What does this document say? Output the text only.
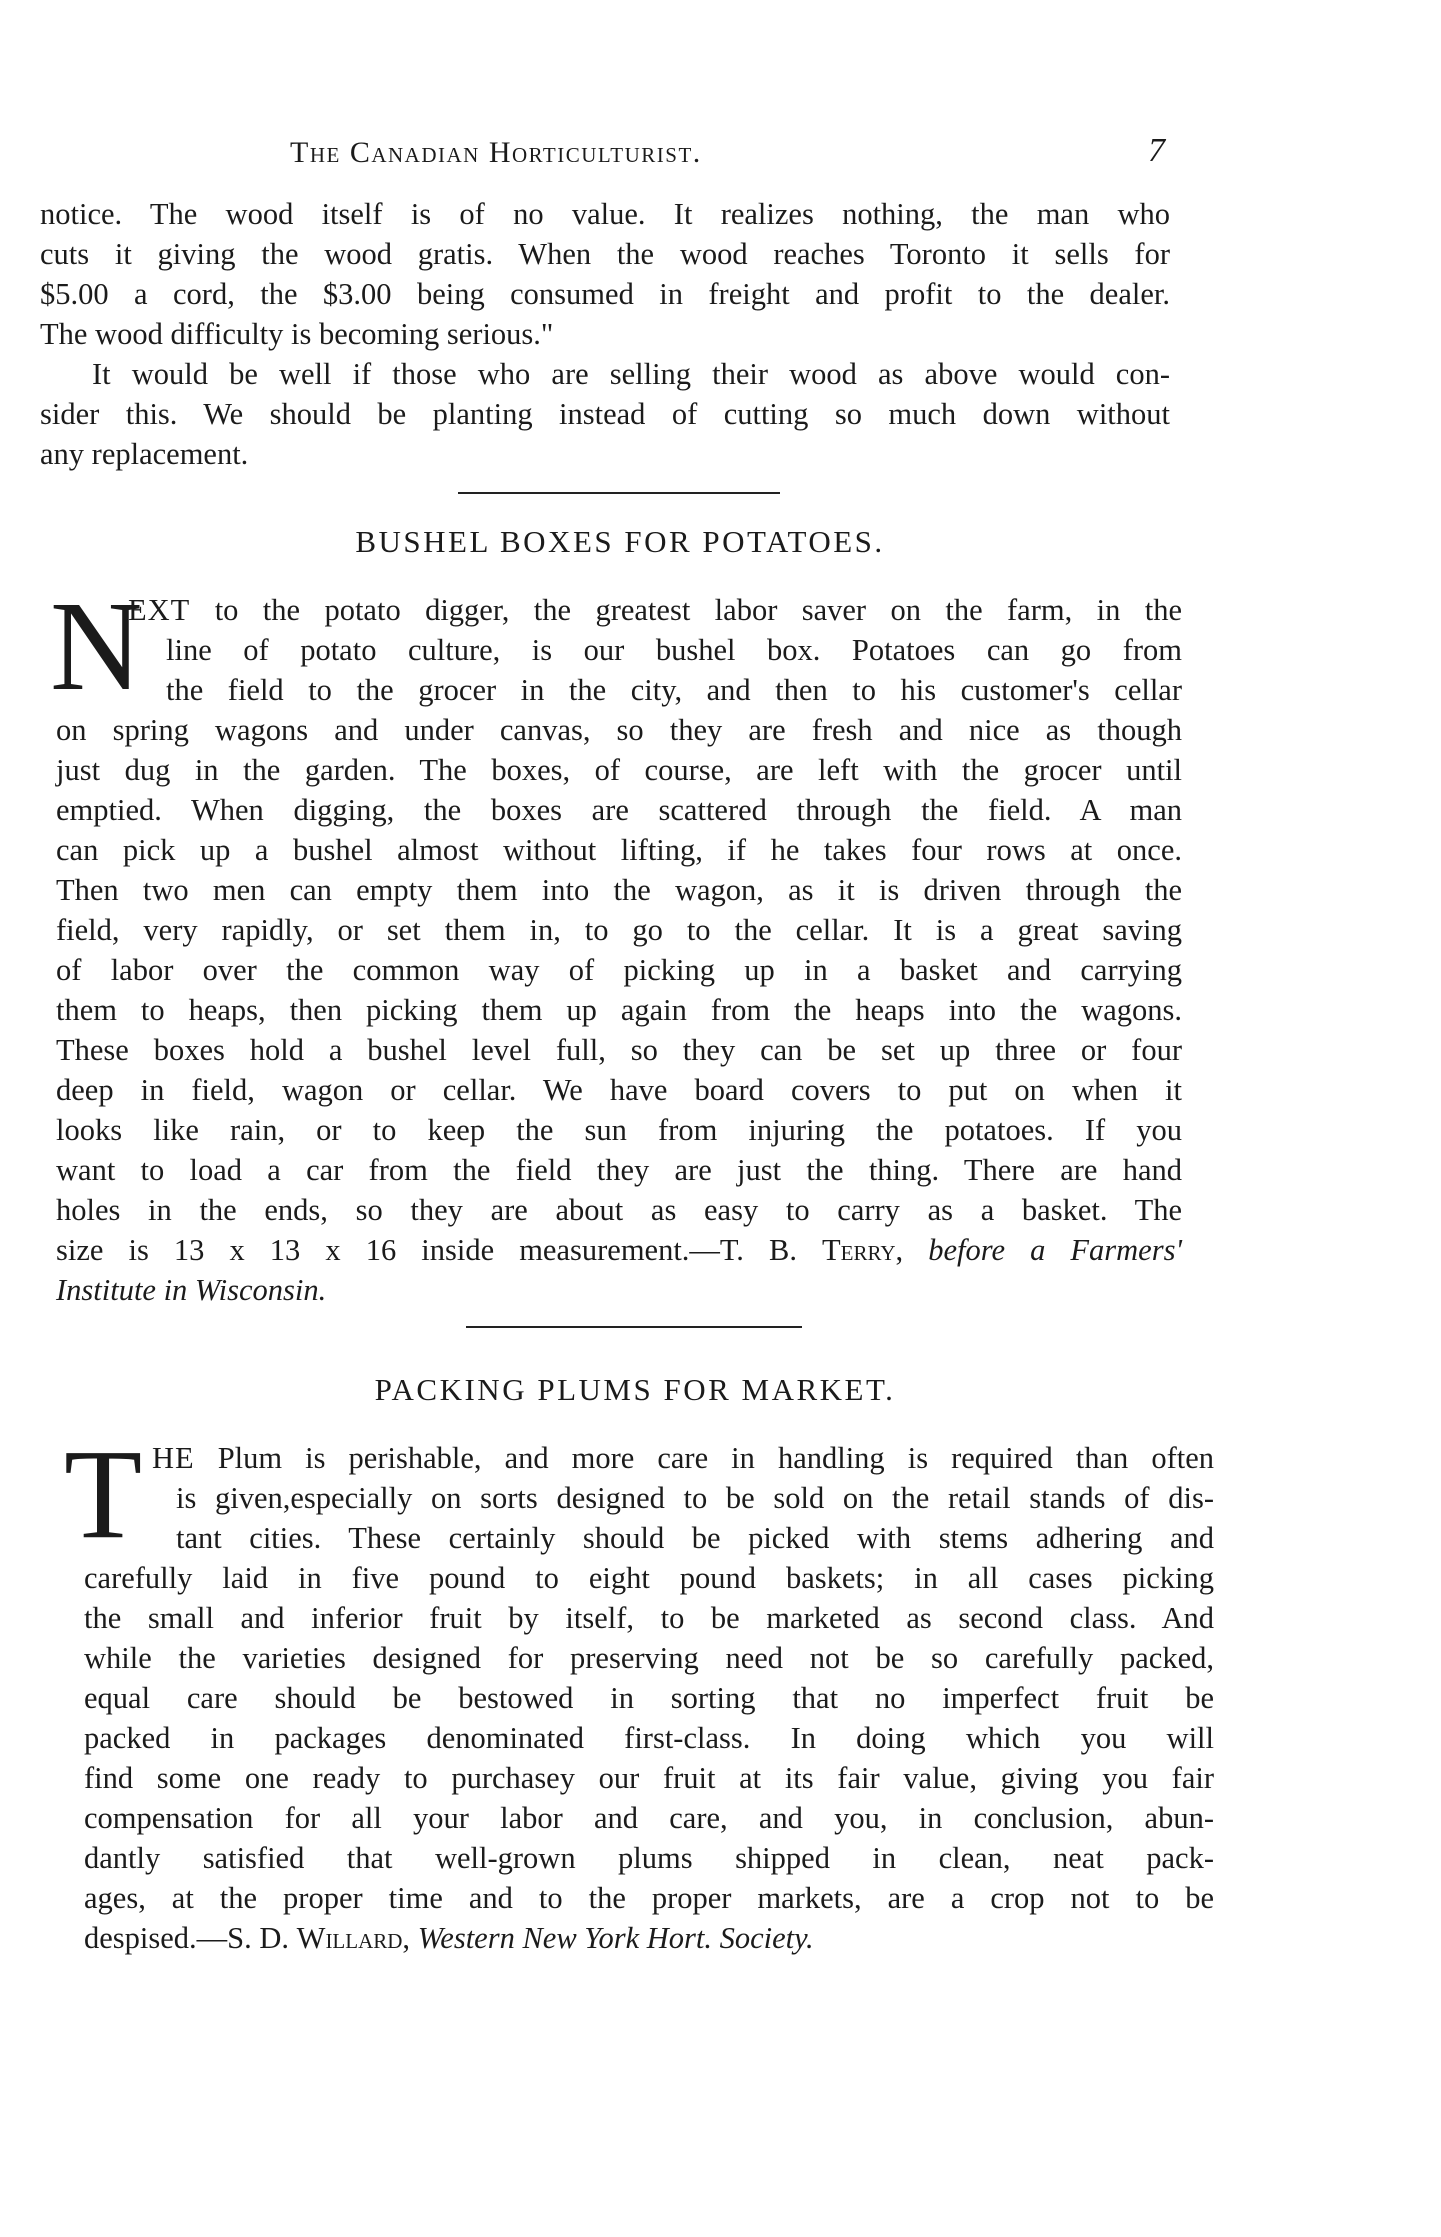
The Canadian Horticulturist.	7
notice. The wood itself is of no value. It realizes nothing, the man who
cuts it giving the wood gratis. When the wood reaches Toronto it sells for
$5.00 a cord, the $3.00 being consumed in freight and profit to the dealer.
The wood difficulty is becoming serious."
It would be well if those who are selling their wood as above would con-
sider this. We should be planting instead of cutting so much down without
any replacement.
BUSHEL BOXES FOR POTATOES.
N
EXT to the potato digger, the greatest labor saver on the farm, in the
line of potato culture, is our bushel box. Potatoes can go from
the field to the grocer in the city, and then to his customer's cellar
on spring wagons and under canvas, so they are fresh and nice as though
just dug in the garden. The boxes, of course, are left with the grocer until
emptied. When digging, the boxes are scattered through the field. A man
can pick up a bushel almost without lifting, if he takes four rows at once.
Then two men can empty them into the wagon, as it is driven through the
field, very rapidly, or set them in, to go to the cellar. It is a great saving
of labor over the common way of picking up in a basket and carrying
them to heaps, then picking them up again from the heaps into the wagons.
These boxes hold a bushel level full, so they can be set up three or four
deep in field, wagon or cellar. We have board covers to put on when it
looks like rain, or to keep the sun from injuring the potatoes. If you
want to load a car from the field they are just the thing. There are hand
holes in the ends, so they are about as easy to carry as a basket. The
size is 13 x 13 x 16 inside measurement.—T. B. Terry, before a Farmers'
Institute in Wisconsin.
PACKING PLUMS FOR MARKET.
T HE Plum is perishable, and more care in handling is required than often
is given,especially on sorts designed to be sold on the retail stands of dis-
tant cities. These certainly should be picked with stems adhering and
carefully laid in five pound to eight pound baskets; in all cases picking
the small and inferior fruit by itself, to be marketed as second class. And
while the varieties designed for preserving need not be so carefully packed,
equal care should be bestowed in sorting that no imperfect fruit be
packed in packages denominated first-class. In doing which you will
find some one ready to purchasey our fruit at its fair value, giving you fair
compensation for all your labor and care, and you, in conclusion, abun-
dantly satisfied that well-grown plums shipped in clean, neat pack-
ages, at the proper time and to the proper markets, are a crop not to be
despised.—S. D. Willard, Western New York Hort. Society.
